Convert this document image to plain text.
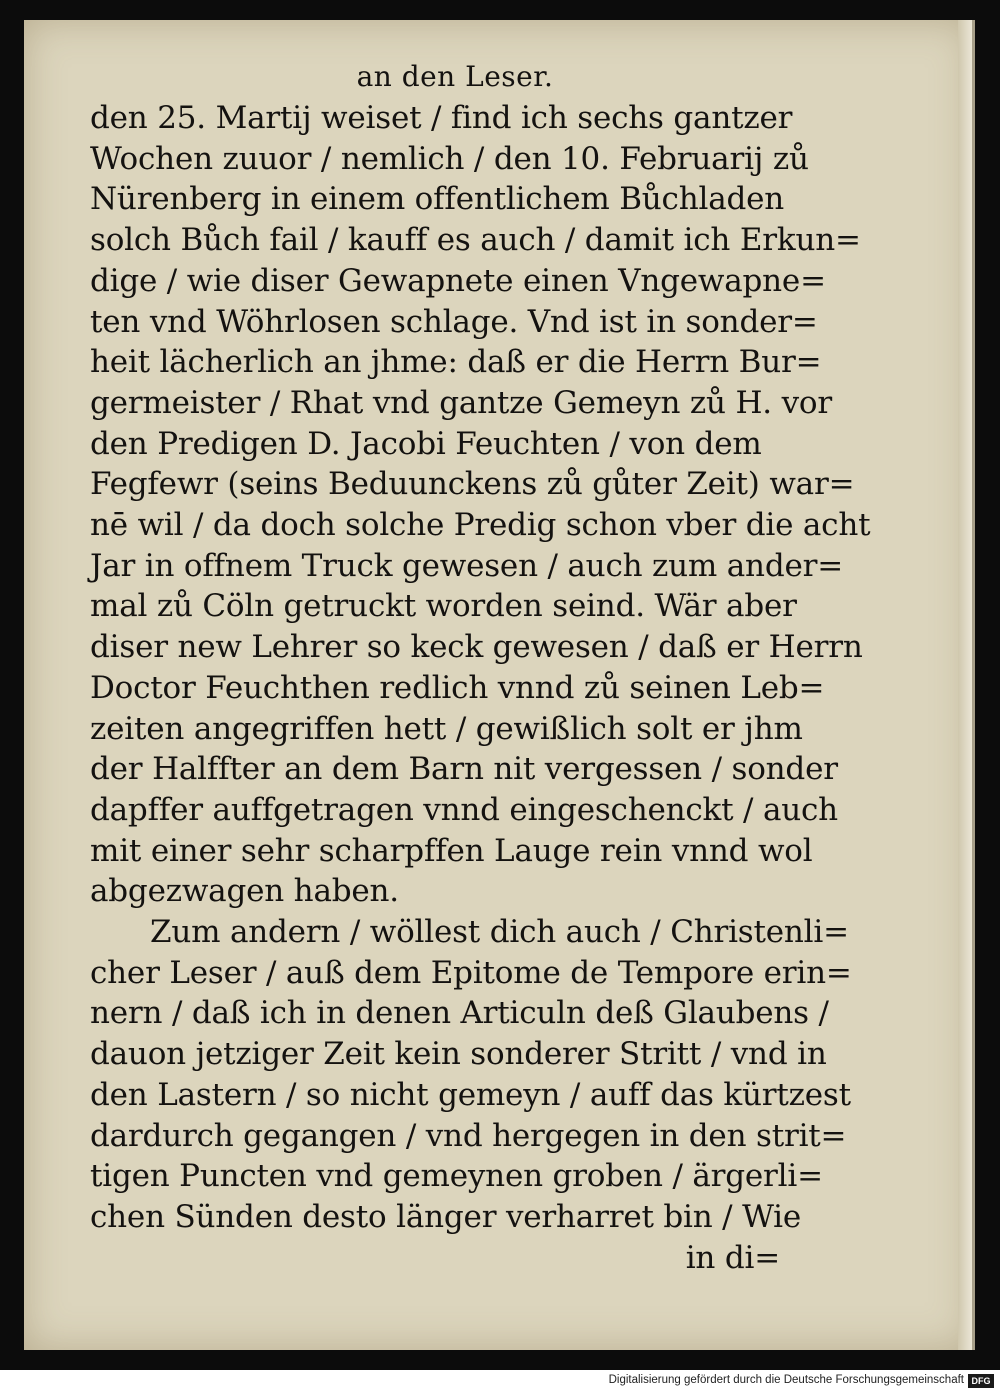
an den Leser.
den 25. Martij weiset / find ich sechs gantzer
Wochen zuuor / nemlich / den 10. Februarij zů
Nürenberg in einem offentlichem Bůchladen
solch Bůch fail / kauff es auch / damit ich Erkun=
dige / wie diser Gewapnete einen Vngewapne=
ten vnd Wöhrlosen schlage. Vnd ist in sonder=
heit lächerlich an jhme: daß er die Herrn Bur=
germeister / Rhat vnd gantze Gemeyn zů H. vor
den Predigen D. Jacobi Feuchten / von dem
Fegfewr (seins Beduunckens zů gůter Zeit) war=
nē wil / da doch solche Predig schon vber die acht
Jar in offnem Truck gewesen / auch zum ander=
mal zů Cöln getruckt worden seind. Wär aber
diser new Lehrer so keck gewesen / daß er Herrn
Doctor Feuchthen redlich vnnd zů seinen Leb=
zeiten angegriffen hett / gewißlich solt er jhm
der Halffter an dem Barn nit vergessen / sonder
dapffer auffgetragen vnnd eingeschenckt / auch
mit einer sehr scharpffen Lauge rein vnnd wol
abgezwagen haben.
Zum andern / wöllest dich auch / Christenli=
cher Leser / auß dem Epitome de Tempore erin=
nern / daß ich in denen Articuln deß Glaubens /
dauon jetziger Zeit kein sonderer Stritt / vnd in
den Lastern / so nicht gemeyn / auff das kürtzest
dardurch gegangen / vnd hergegen in den strit=
tigen Puncten vnd gemeynen groben / ärgerli=
chen Sünden desto länger verharret bin / Wie
in di=
Digitalisierung gefördert durch die Deutsche Forschungsgemeinschaft DFG
